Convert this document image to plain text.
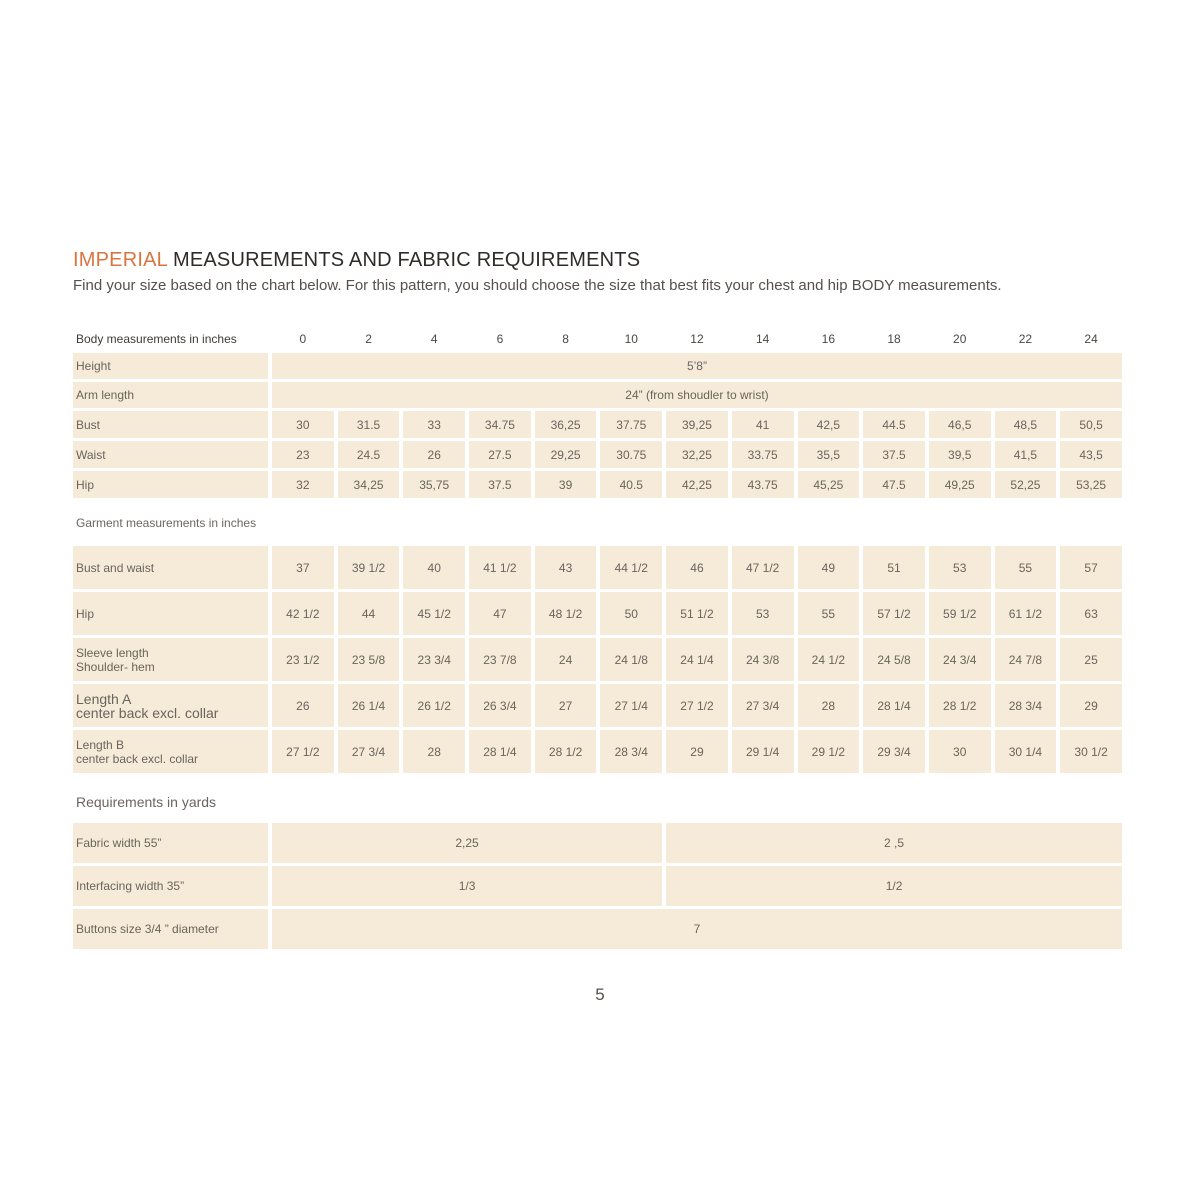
IMPERIAL MEASUREMENTS AND FABRIC REQUIREMENTS
Find your size based on the chart below. For this pattern, you should choose the size that best fits your chest and hip BODY measurements.
Body measurements in inches	0	2	4	6	8	10	12	14	16	18	20	22	24
Height	5’8”												
Arm length	24” (from shoudler to wrist)												
Bust	30	31.5	33	34.75	36,25	37.75	39,25	41	42,5	44.5	46,5	48,5	50,5
Waist	23	24.5	26	27.5	29,25	30.75	32,25	33.75	35,5	37.5	39,5	41,5	43,5
Hip	32	34,25	35,75	37.5	39	40.5	42,25	43.75	45,25	47.5	49,25	52,25	53,25
Garment measurements in inches
Bust and waist	37	39 1/2	40	41 1/2	43	44 1/2	46	47 1/2	49	51	53	55	57

Hip	42 1/2	44	45 1/2	47	48 1/2	50	51 1/2	53	55	57 1/2	59 1/2	61 1/2	63

Sleeve length
Shoulder- hem	23 1/2	23 5/8	23 3/4	23 7/8	24	24 1/8	24 1/4	24 3/8	24 1/2	24 5/8	24 3/4	24 7/8	25

Length A
center back excl. collar	26	26 1/4	26 1/2	26 3/4	27	27 1/4	27 1/2	27 3/4	28	28 1/4	28 1/2	28 3/4	29

Length B
center back excl. collar	27 1/2	27 3/4	28	28 1/4	28 1/2	28 3/4	29	29 1/4	29 1/2	29 3/4	30	30 1/4	30 1/2
Requirements in yards
Fabric width 55”	2,25	2 ,5
Interfacing width 35”	1/3	1/2
Buttons size 3/4 ” diameter	7	
5
